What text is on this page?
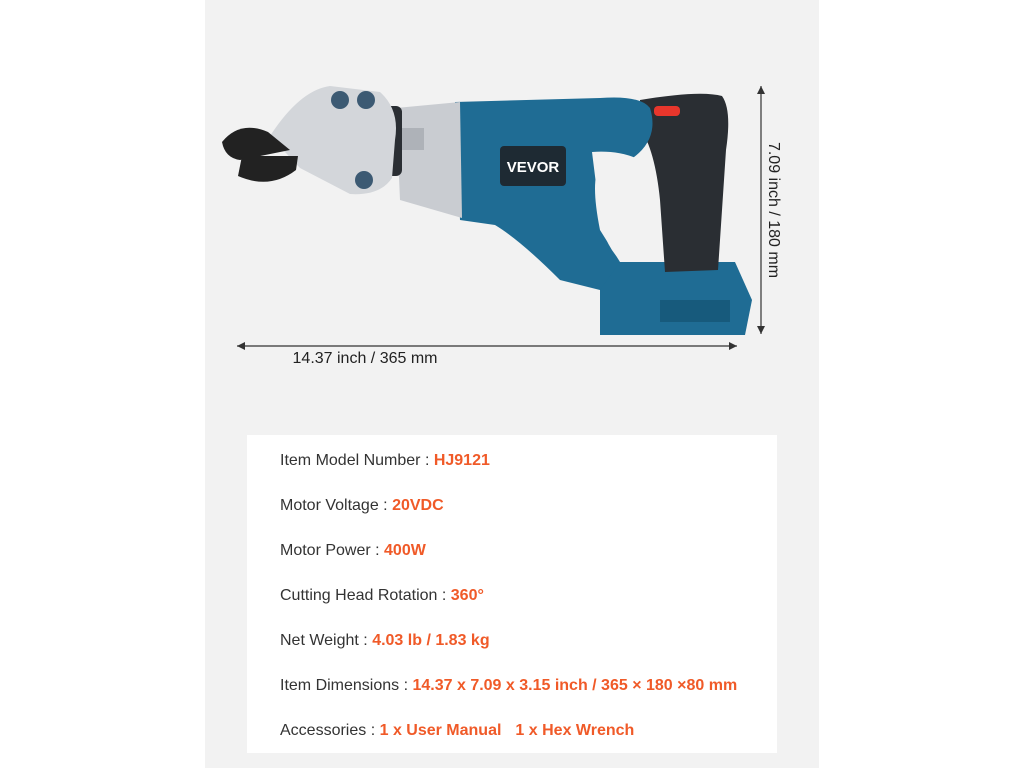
VEVOR
14.37 inch / 365 mm
7.09 inch / 180 mm
Item Model Number : HJ9121
Motor Voltage : 20VDC
Motor Power : 400W
Cutting Head Rotation : 360°
Net Weight : 4.03 lb / 1.83 kg
Item Dimensions : 14.37 x 7.09 x 3.15 inch / 365 × 180 ×80 mm
Accessories : 1 x User Manual 1 x Hex Wrench
